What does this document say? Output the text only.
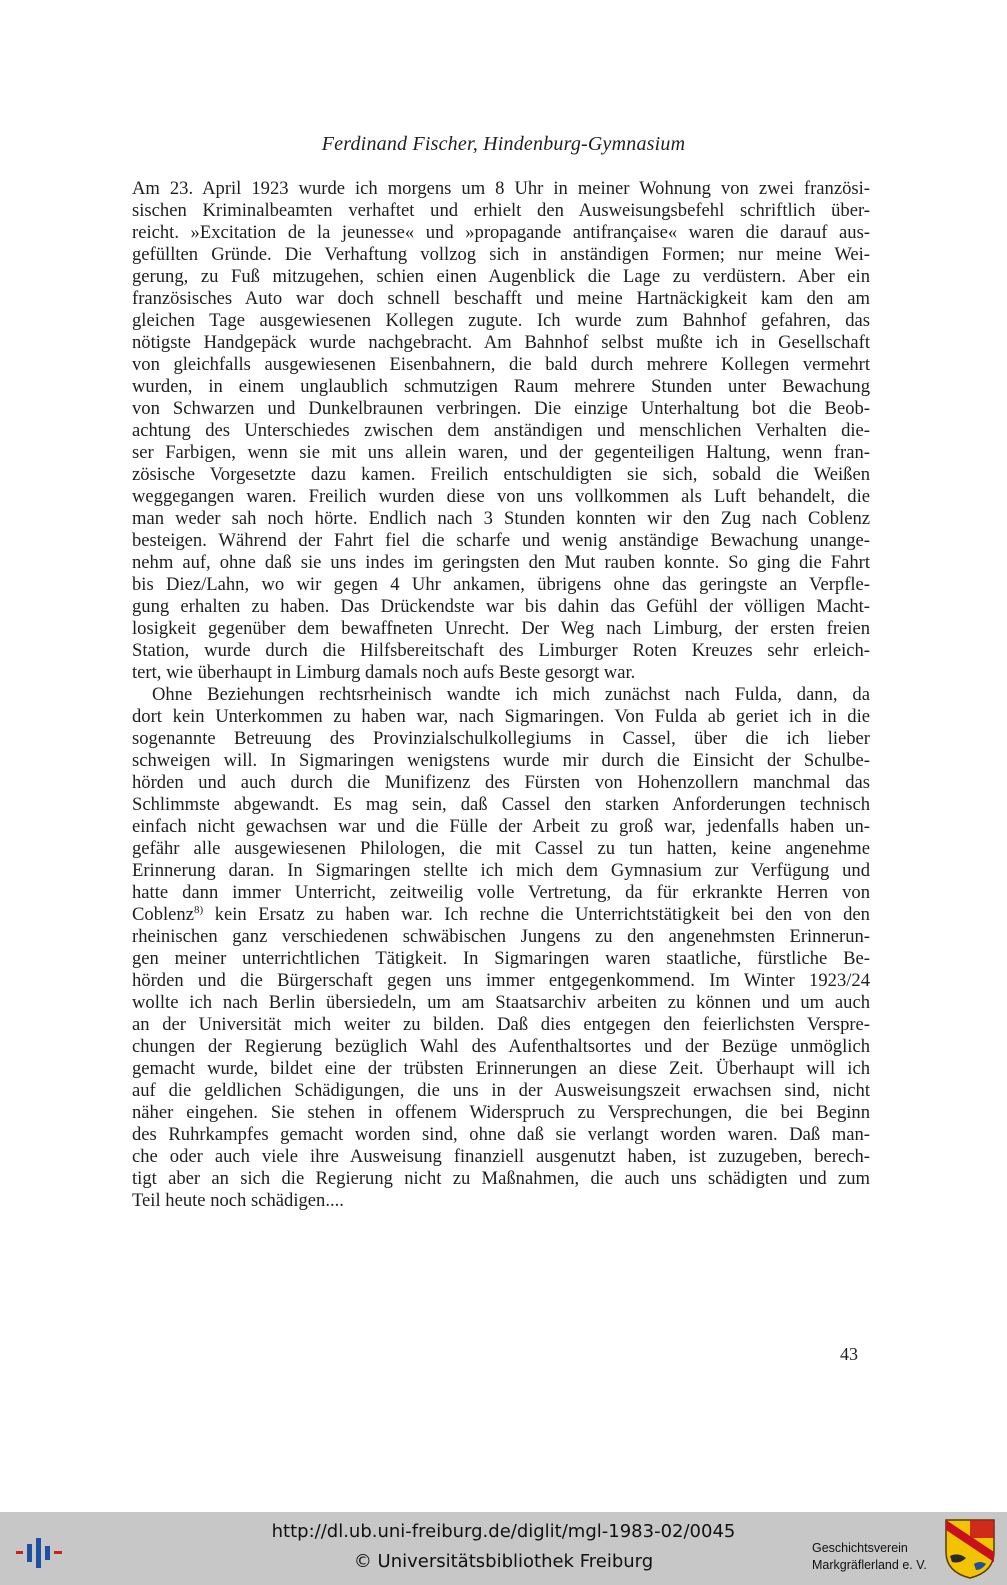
Ferdinand Fischer, Hindenburg-Gymnasium
Am 23. April 1923 wurde ich morgens um 8 Uhr in meiner Wohnung von zwei französi-
sischen Kriminalbeamten verhaftet und erhielt den Ausweisungsbefehl schriftlich über-
reicht. »Excitation de la jeunesse« und »propagande antifrançaise« waren die darauf aus-
gefüllten Gründe. Die Verhaftung vollzog sich in anständigen Formen; nur meine Wei-
gerung, zu Fuß mitzugehen, schien einen Augenblick die Lage zu verdüstern. Aber ein
französisches Auto war doch schnell beschafft und meine Hartnäckigkeit kam den am
gleichen Tage ausgewiesenen Kollegen zugute. Ich wurde zum Bahnhof gefahren, das
nötigste Handgepäck wurde nachgebracht. Am Bahnhof selbst mußte ich in Gesellschaft
von gleichfalls ausgewiesenen Eisenbahnern, die bald durch mehrere Kollegen vermehrt
wurden, in einem unglaublich schmutzigen Raum mehrere Stunden unter Bewachung
von Schwarzen und Dunkelbraunen verbringen. Die einzige Unterhaltung bot die Beob-
achtung des Unterschiedes zwischen dem anständigen und menschlichen Verhalten die-
ser Farbigen, wenn sie mit uns allein waren, und der gegenteiligen Haltung, wenn fran-
zösische Vorgesetzte dazu kamen. Freilich entschuldigten sie sich, sobald die Weißen
weggegangen waren. Freilich wurden diese von uns vollkommen als Luft behandelt, die
man weder sah noch hörte. Endlich nach 3 Stunden konnten wir den Zug nach Coblenz
besteigen. Während der Fahrt fiel die scharfe und wenig anständige Bewachung unange-
nehm auf, ohne daß sie uns indes im geringsten den Mut rauben konnte. So ging die Fahrt
bis Diez/Lahn, wo wir gegen 4 Uhr ankamen, übrigens ohne das geringste an Verpfle-
gung erhalten zu haben. Das Drückendste war bis dahin das Gefühl der völligen Macht-
losigkeit gegenüber dem bewaffneten Unrecht. Der Weg nach Limburg, der ersten freien
Station, wurde durch die Hilfsbereitschaft des Limburger Roten Kreuzes sehr erleich-
tert, wie überhaupt in Limburg damals noch aufs Beste gesorgt war.
Ohne Beziehungen rechtsrheinisch wandte ich mich zunächst nach Fulda, dann, da
dort kein Unterkommen zu haben war, nach Sigmaringen. Von Fulda ab geriet ich in die
sogenannte Betreuung des Provinzialschulkollegiums in Cassel, über die ich lieber
schweigen will. In Sigmaringen wenigstens wurde mir durch die Einsicht der Schulbe-
hörden und auch durch die Munifizenz des Fürsten von Hohenzollern manchmal das
Schlimmste abgewandt. Es mag sein, daß Cassel den starken Anforderungen technisch
einfach nicht gewachsen war und die Fülle der Arbeit zu groß war, jedenfalls haben un-
gefähr alle ausgewiesenen Philologen, die mit Cassel zu tun hatten, keine angenehme
Erinnerung daran. In Sigmaringen stellte ich mich dem Gymnasium zur Verfügung und
hatte dann immer Unterricht, zeitweilig volle Vertretung, da für erkrankte Herren von
Coblenz$^{8)}$ kein Ersatz zu haben war. Ich rechne die Unterrichtstätigkeit bei den von den
rheinischen ganz verschiedenen schwäbischen Jungens zu den angenehmsten Erinnerun-
gen meiner unterrichtlichen Tätigkeit. In Sigmaringen waren staatliche, fürstliche Be-
hörden und die Bürgerschaft gegen uns immer entgegenkommend. Im Winter 1923/24
wollte ich nach Berlin übersiedeln, um am Staatsarchiv arbeiten zu können und um auch
an der Universität mich weiter zu bilden. Daß dies entgegen den feierlichsten Verspre-
chungen der Regierung bezüglich Wahl des Aufenthaltsortes und der Bezüge unmöglich
gemacht wurde, bildet eine der trübsten Erinnerungen an diese Zeit. Überhaupt will ich
auf die geldlichen Schädigungen, die uns in der Ausweisungszeit erwachsen sind, nicht
näher eingehen. Sie stehen in offenem Widerspruch zu Versprechungen, die bei Beginn
des Ruhrkampfes gemacht worden sind, ohne daß sie verlangt worden waren. Daß man-
che oder auch viele ihre Ausweisung finanziell ausgenutzt haben, ist zuzugeben, berech-
tigt aber an sich die Regierung nicht zu Maßnahmen, die auch uns schädigten und zum
Teil heute noch schädigen....
43
http://dl.ub.uni-freiburg.de/diglit/mgl-1983-02/0045
© Universitätsbibliothek Freiburg
Geschichtsverein
Markgräflerland e. V.
